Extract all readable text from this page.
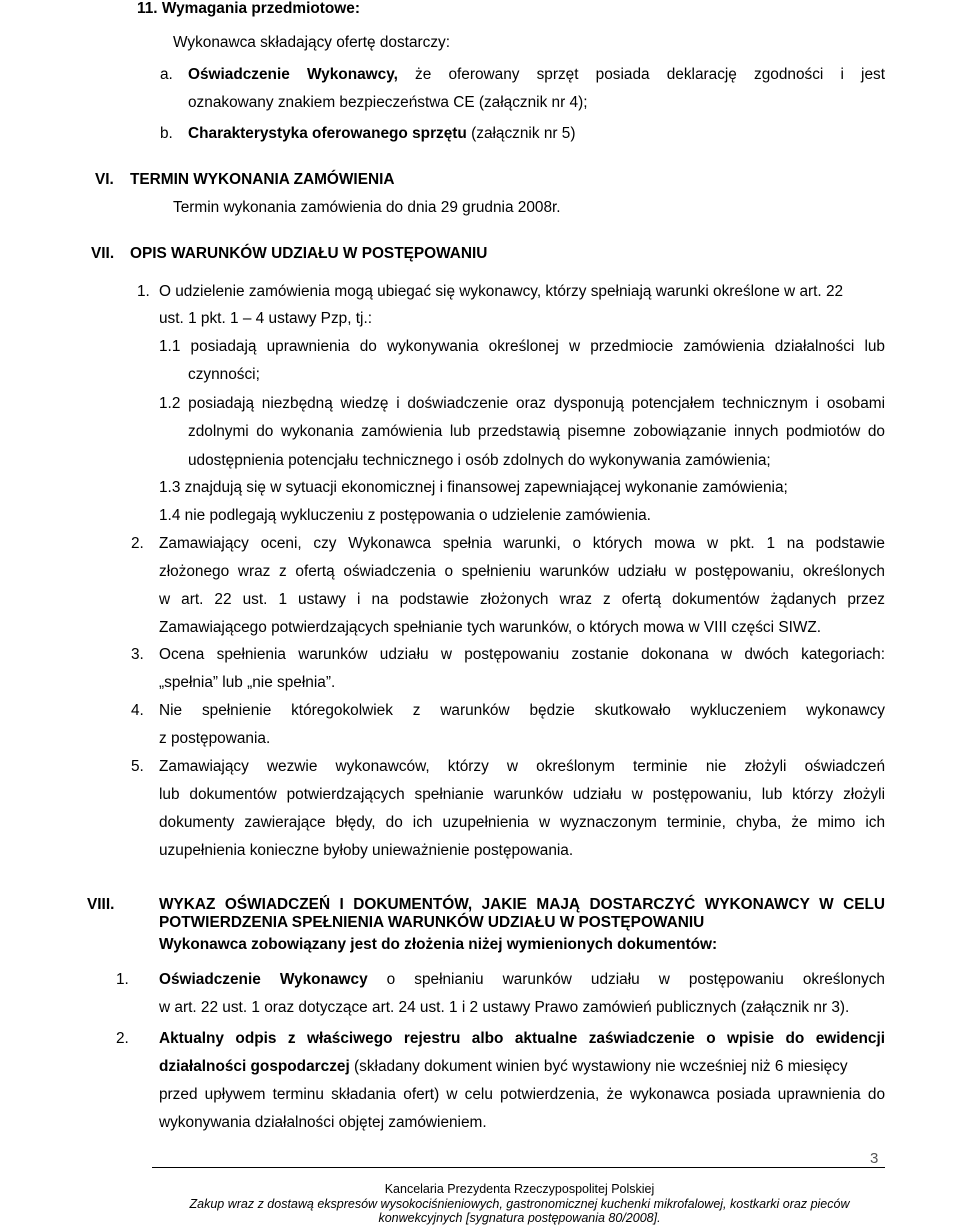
11. Wymagania przedmiotowe:
Wykonawca składający ofertę dostarczy:
a. Oświadczenie Wykonawcy, że oferowany sprzęt posiada deklarację zgodności i jest
oznakowany znakiem bezpieczeństwa CE (załącznik nr 4);
b. Charakterystyka oferowanego sprzętu (załącznik nr 5)
VI. TERMIN WYKONANIA ZAMÓWIENIA
Termin wykonania zamówienia do dnia 29 grudnia 2008r.
VII. OPIS WARUNKÓW UDZIAŁU W POSTĘPOWANIU
1. O udzielenie zamówienia mogą ubiegać się wykonawcy, którzy spełniają warunki określone w art. 22
ust. 1 pkt. 1 – 4 ustawy Pzp, tj.:
1.1 posiadają uprawnienia do wykonywania określonej w przedmiocie zamówienia działalności lub
czynności;
1.2 posiadają niezbędną wiedzę i doświadczenie oraz dysponują potencjałem technicznym i osobami
zdolnymi do wykonania zamówienia lub przedstawią pisemne zobowiązanie innych podmiotów do
udostępnienia potencjału technicznego i osób zdolnych do wykonywania zamówienia;
1.3 znajdują się w sytuacji ekonomicznej i finansowej zapewniającej wykonanie zamówienia;
1.4 nie podlegają wykluczeniu z postępowania o udzielenie zamówienia.
2. Zamawiający oceni, czy Wykonawca spełnia warunki, o których mowa w pkt. 1 na podstawie
złożonego wraz z ofertą oświadczenia o spełnieniu warunków udziału w postępowaniu, określonych
w art. 22 ust. 1 ustawy i na podstawie złożonych wraz z ofertą dokumentów żądanych przez
Zamawiającego potwierdzających spełnianie tych warunków, o których mowa w VIII części SIWZ.
3. Ocena spełnienia warunków udziału w postępowaniu zostanie dokonana w dwóch kategoriach:
„spełnia” lub „nie spełnia”.
4. Nie spełnienie któregokolwiek z warunków będzie skutkowało wykluczeniem wykonawcy
z postępowania.
5. Zamawiający wezwie wykonawców, którzy w określonym terminie nie złożyli oświadczeń
lub dokumentów potwierdzających spełnianie warunków udziału w postępowaniu, lub którzy złożyli
dokumenty zawierające błędy, do ich uzupełnienia w wyznaczonym terminie, chyba, że mimo ich
uzupełnienia konieczne byłoby unieważnienie postępowania.
VIII.	WYKAZ OŚWIADCZEŃ I DOKUMENTÓW, JAKIE MAJĄ DOSTARCZYĆ WYKONAWCY W CELU
POTWIERDZENIA SPEŁNIENIA WARUNKÓW UDZIAŁU W POSTĘPOWANIU
Wykonawca zobowiązany jest do złożenia niżej wymienionych dokumentów:
1. Oświadczenie Wykonawcy o spełnianiu warunków udziału w postępowaniu określonych
w art. 22 ust. 1 oraz dotyczące art. 24 ust. 1 i 2 ustawy Prawo zamówień publicznych (załącznik nr 3).
2. Aktualny odpis z właściwego rejestru albo aktualne zaświadczenie o wpisie do ewidencji
działalności gospodarczej (składany dokument winien być wystawiony nie wcześniej niż 6 miesięcy
przed upływem terminu składania ofert) w celu potwierdzenia, że wykonawca posiada uprawnienia do
wykonywania działalności objętej zamówieniem.
3
Kancelaria Prezydenta Rzeczypospolitej Polskiej
Zakup wraz z dostawą ekspresów wysokociśnieniowych, gastronomicznej kuchenki mikrofalowej, kostkarki oraz pieców
konwekcyjnych [sygnatura postępowania 80/2008].
